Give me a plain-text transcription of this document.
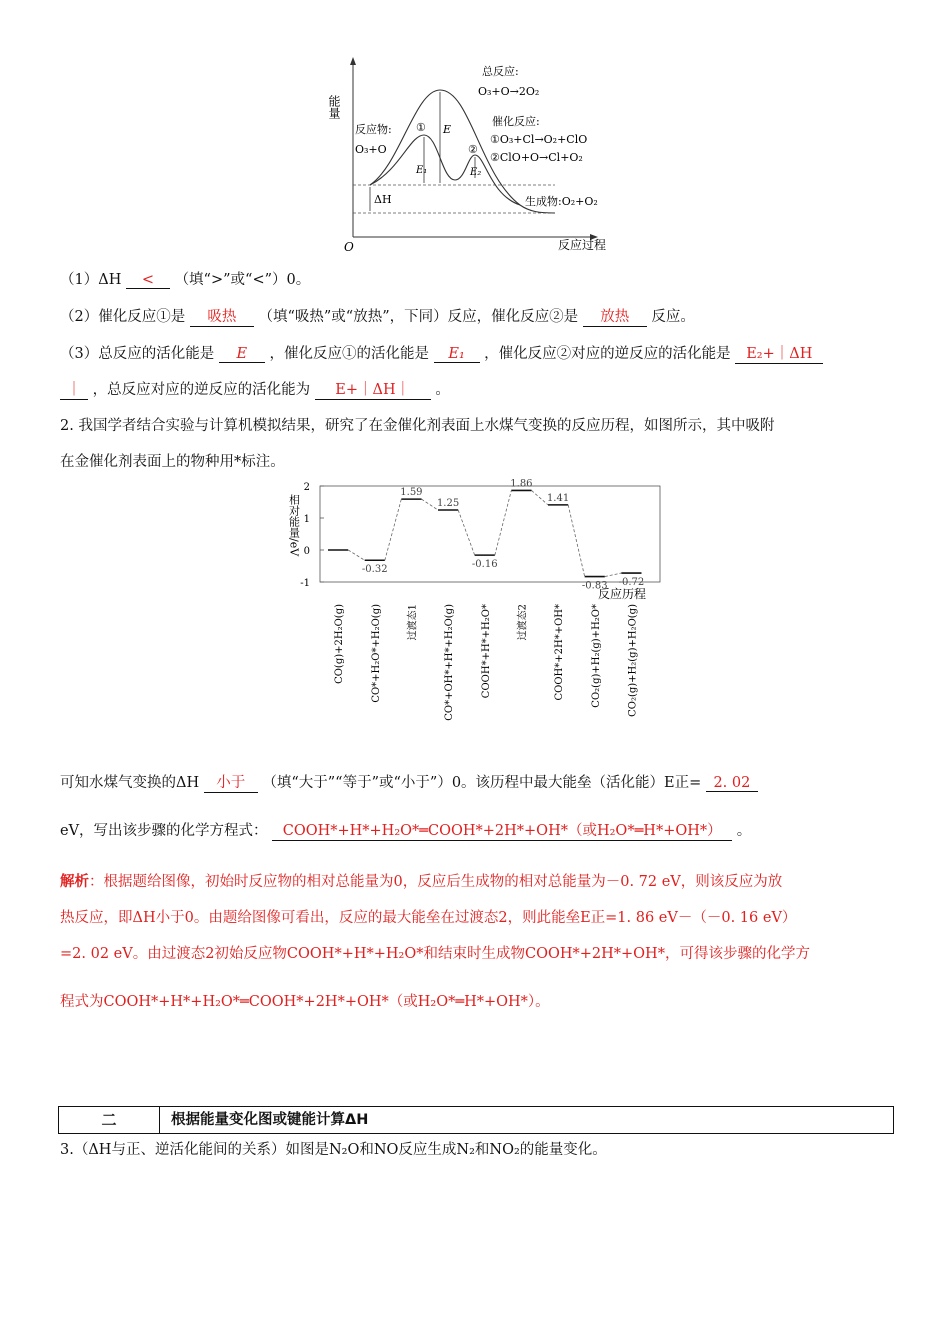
能量
O	反应过程
总反应:
O₃+O→2O₂
催化反应:
①O₃+Cl→O₂+ClO
②ClO+O→Cl+O₂
反应物:
O₃+O
生成物:O₂+O₂
E
E₁	E₂
ΔH
①
②
（1）ΔH < （填“>”或“<”）0。
（2）催化反应①是 吸热 （填“吸热”或“放热”，下同）反应，催化反应②是 放热 反应。
（3）总反应的活化能是 E ，催化反应①的活化能是 E₁ ，催化反应②对应的逆反应的活化能是 E₂+｜ΔH
｜ ，总反应对应的逆反应的活化能为 E+｜ΔH｜ 。
2. 我国学者结合实验与计算机模拟结果，研究了在金催化剂表面上水煤气变换的反应历程，如图所示，其中吸附
在金催化剂表面上的物种用*标注。
相对能量/eV
反应历程
2
1
0
-1
-0.32
1.59
1.25
-0.16
1.86
1.41
-0.83 -0.72
CO(g)+2H₂O(g)	CO*+H₂O*+H₂O(g)	过渡态1	CO*+OH*+H*+H₂O(g)	COOH*+H*+H₂O*	过渡态2	COOH*+2H*+OH*	CO₂(g)+H₂(g)+H₂O*	CO₂(g)+H₂(g)+H₂O(g)
可知水煤气变换的ΔH 小于 （填“大于”“等于”或“小于”）0。该历程中最大能垒（活化能）E正= 2. 02
eV，写出该步骤的化学方程式： COOH*+H*+H₂O*═COOH*+2H*+OH*（或H₂O*═H*+OH*） 。
解析：根据题给图像，初始时反应物的相对总能量为0，反应后生成物的相对总能量为－0. 72 eV，则该反应为放
热反应，即ΔH小于0。由题给图像可看出，反应的最大能垒在过渡态2，则此能垒E正=1. 86 eV－（－0. 16 eV）
=2. 02 eV。由过渡态2初始反应物COOH*+H*+H₂O*和结束时生成物COOH*+2H*+OH*，可得该步骤的化学方
程式为COOH*+H*+H₂O*═COOH*+2H*+OH*（或H₂O*═H*+OH*）。
二	根据能量变化图或键能计算ΔH
3.（ΔH与正、逆活化能间的关系）如图是N₂O和NO反应生成N₂和NO₂的能量变化。
